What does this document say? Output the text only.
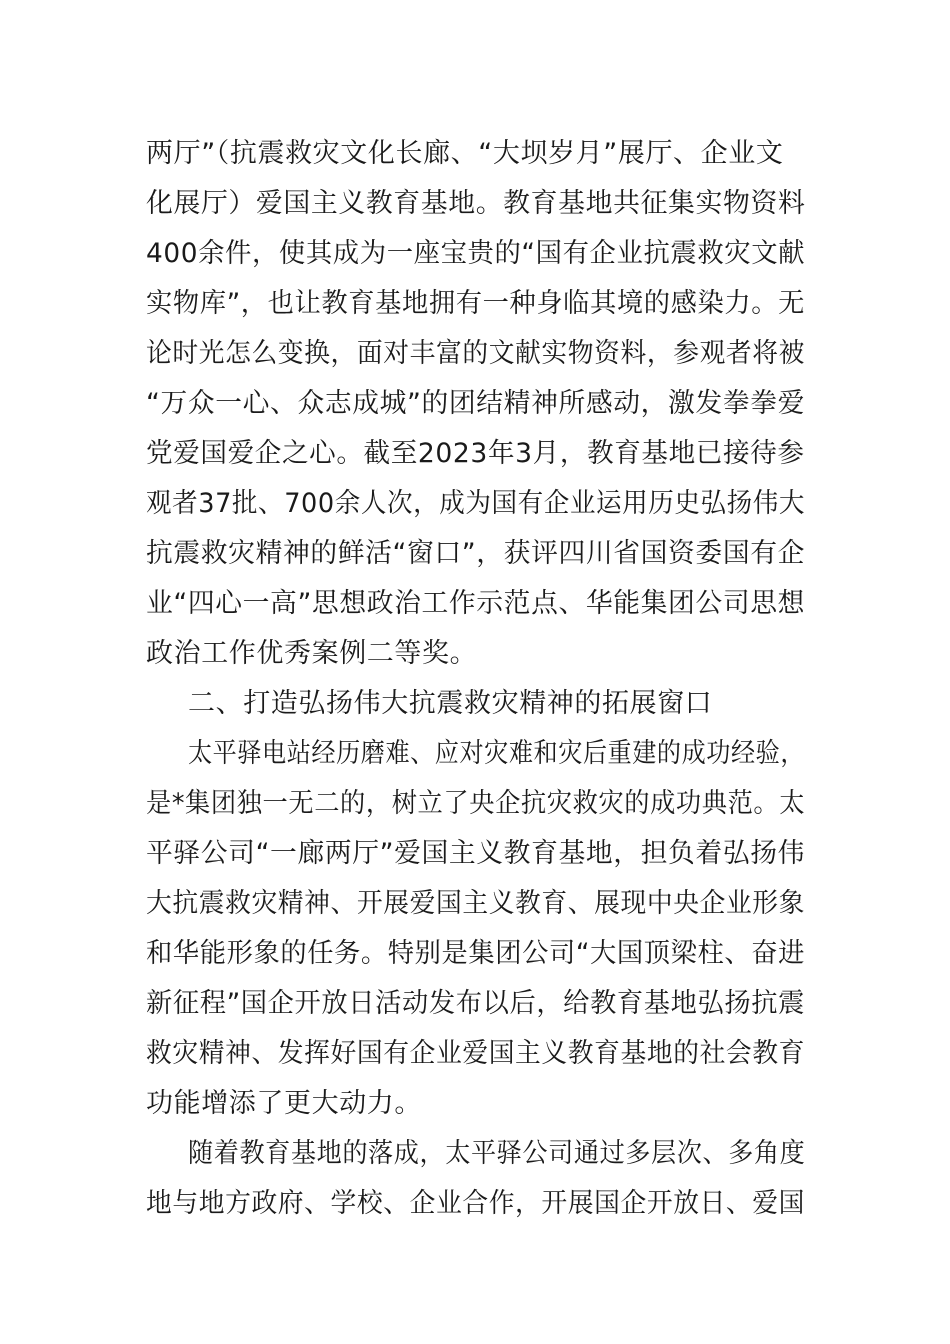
两厅”（抗震救灾文化长廊、“大坝岁月”展厅、企业文
化展厅）爱国主义教育基地。教育基地共征集实物资料
400余件，使其成为一座宝贵的“国有企业抗震救灾文献
实物库”，也让教育基地拥有一种身临其境的感染力。无
论时光怎么变换，面对丰富的文献实物资料，参观者将被
“万众一心、众志成城”的团结精神所感动，激发拳拳爱
党爱国爱企之心。截至2023年3月，教育基地已接待参
观者37批、700余人次，成为国有企业运用历史弘扬伟大
抗震救灾精神的鲜活“窗口”，获评四川省国资委国有企
业“四心一高”思想政治工作示范点、华能集团公司思想
政治工作优秀案例二等奖。
二、打造弘扬伟大抗震救灾精神的拓展窗口
太平驿电站经历磨难、应对灾难和灾后重建的成功经验，
是*集团独一无二的，树立了央企抗灾救灾的成功典范。太
平驿公司“一廊两厅”爱国主义教育基地，担负着弘扬伟
大抗震救灾精神、开展爱国主义教育、展现中央企业形象
和华能形象的任务。特别是集团公司“大国顶梁柱、奋进
新征程”国企开放日活动发布以后，给教育基地弘扬抗震
救灾精神、发挥好国有企业爱国主义教育基地的社会教育
功能增添了更大动力。
随着教育基地的落成，太平驿公司通过多层次、多角度
地与地方政府、学校、企业合作，开展国企开放日、爱国
